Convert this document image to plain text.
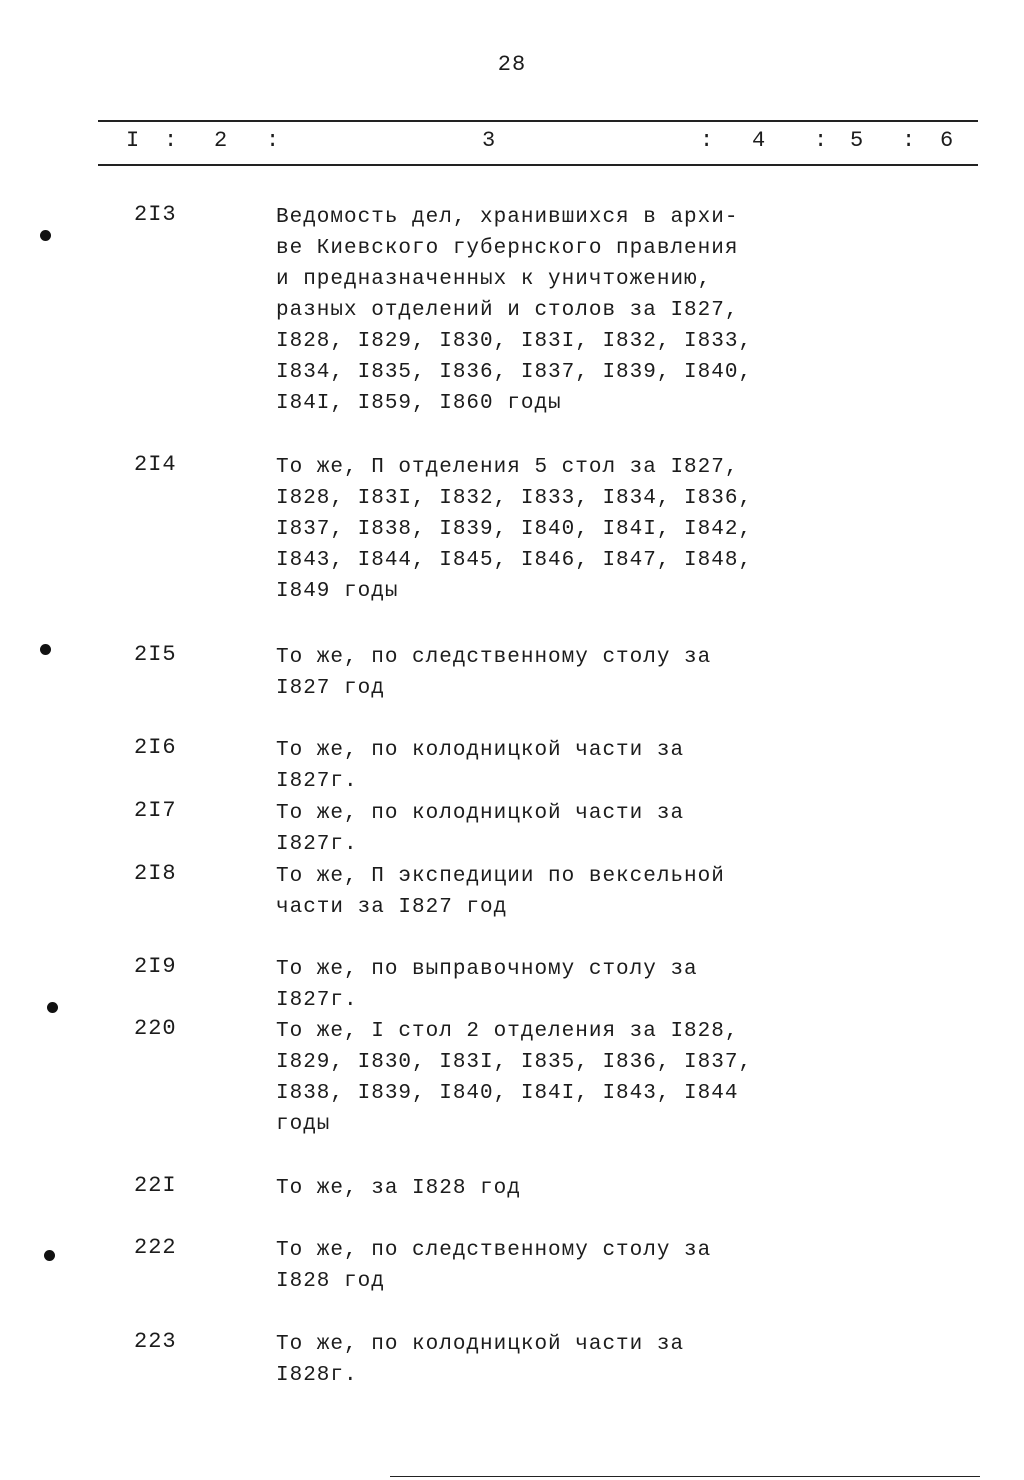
28
I : 2 :	3	: 4 : 5 : 6
2I3	Ведомость дел, хранившихся в архи-
ве Киевского губернского правления
и предназначенных к уничтожению,
разных отделений и столов за I827,
I828, I829, I830, I83I, I832, I833,
I834, I835, I836, I837, I839, I840,
I84I, I859, I860 годы
2I4	То же, П отделения 5 стол за I827,
I828, I83I, I832, I833, I834, I836,
I837, I838, I839, I840, I84I, I842,
I843, I844, I845, I846, I847, I848,
I849 годы
2I5	То же, по следственному столу за
I827 год
2I6	То же, по колодницкой части за I827г.
2I7	То же, по колодницкой части за I827г.
2I8	То же, П экспедиции по вексельной
части за I827 год
2I9	То же, по выправочному столу за I827г.
220	То же, I стол 2 отделения за I828,
I829, I830, I83I, I835, I836, I837,
I838, I839, I840, I84I, I843, I844
годы
22I	То же, за I828 год
222	То же, по следственному столу за
I828 год
223	То же, по колодницкой части за I828г.
